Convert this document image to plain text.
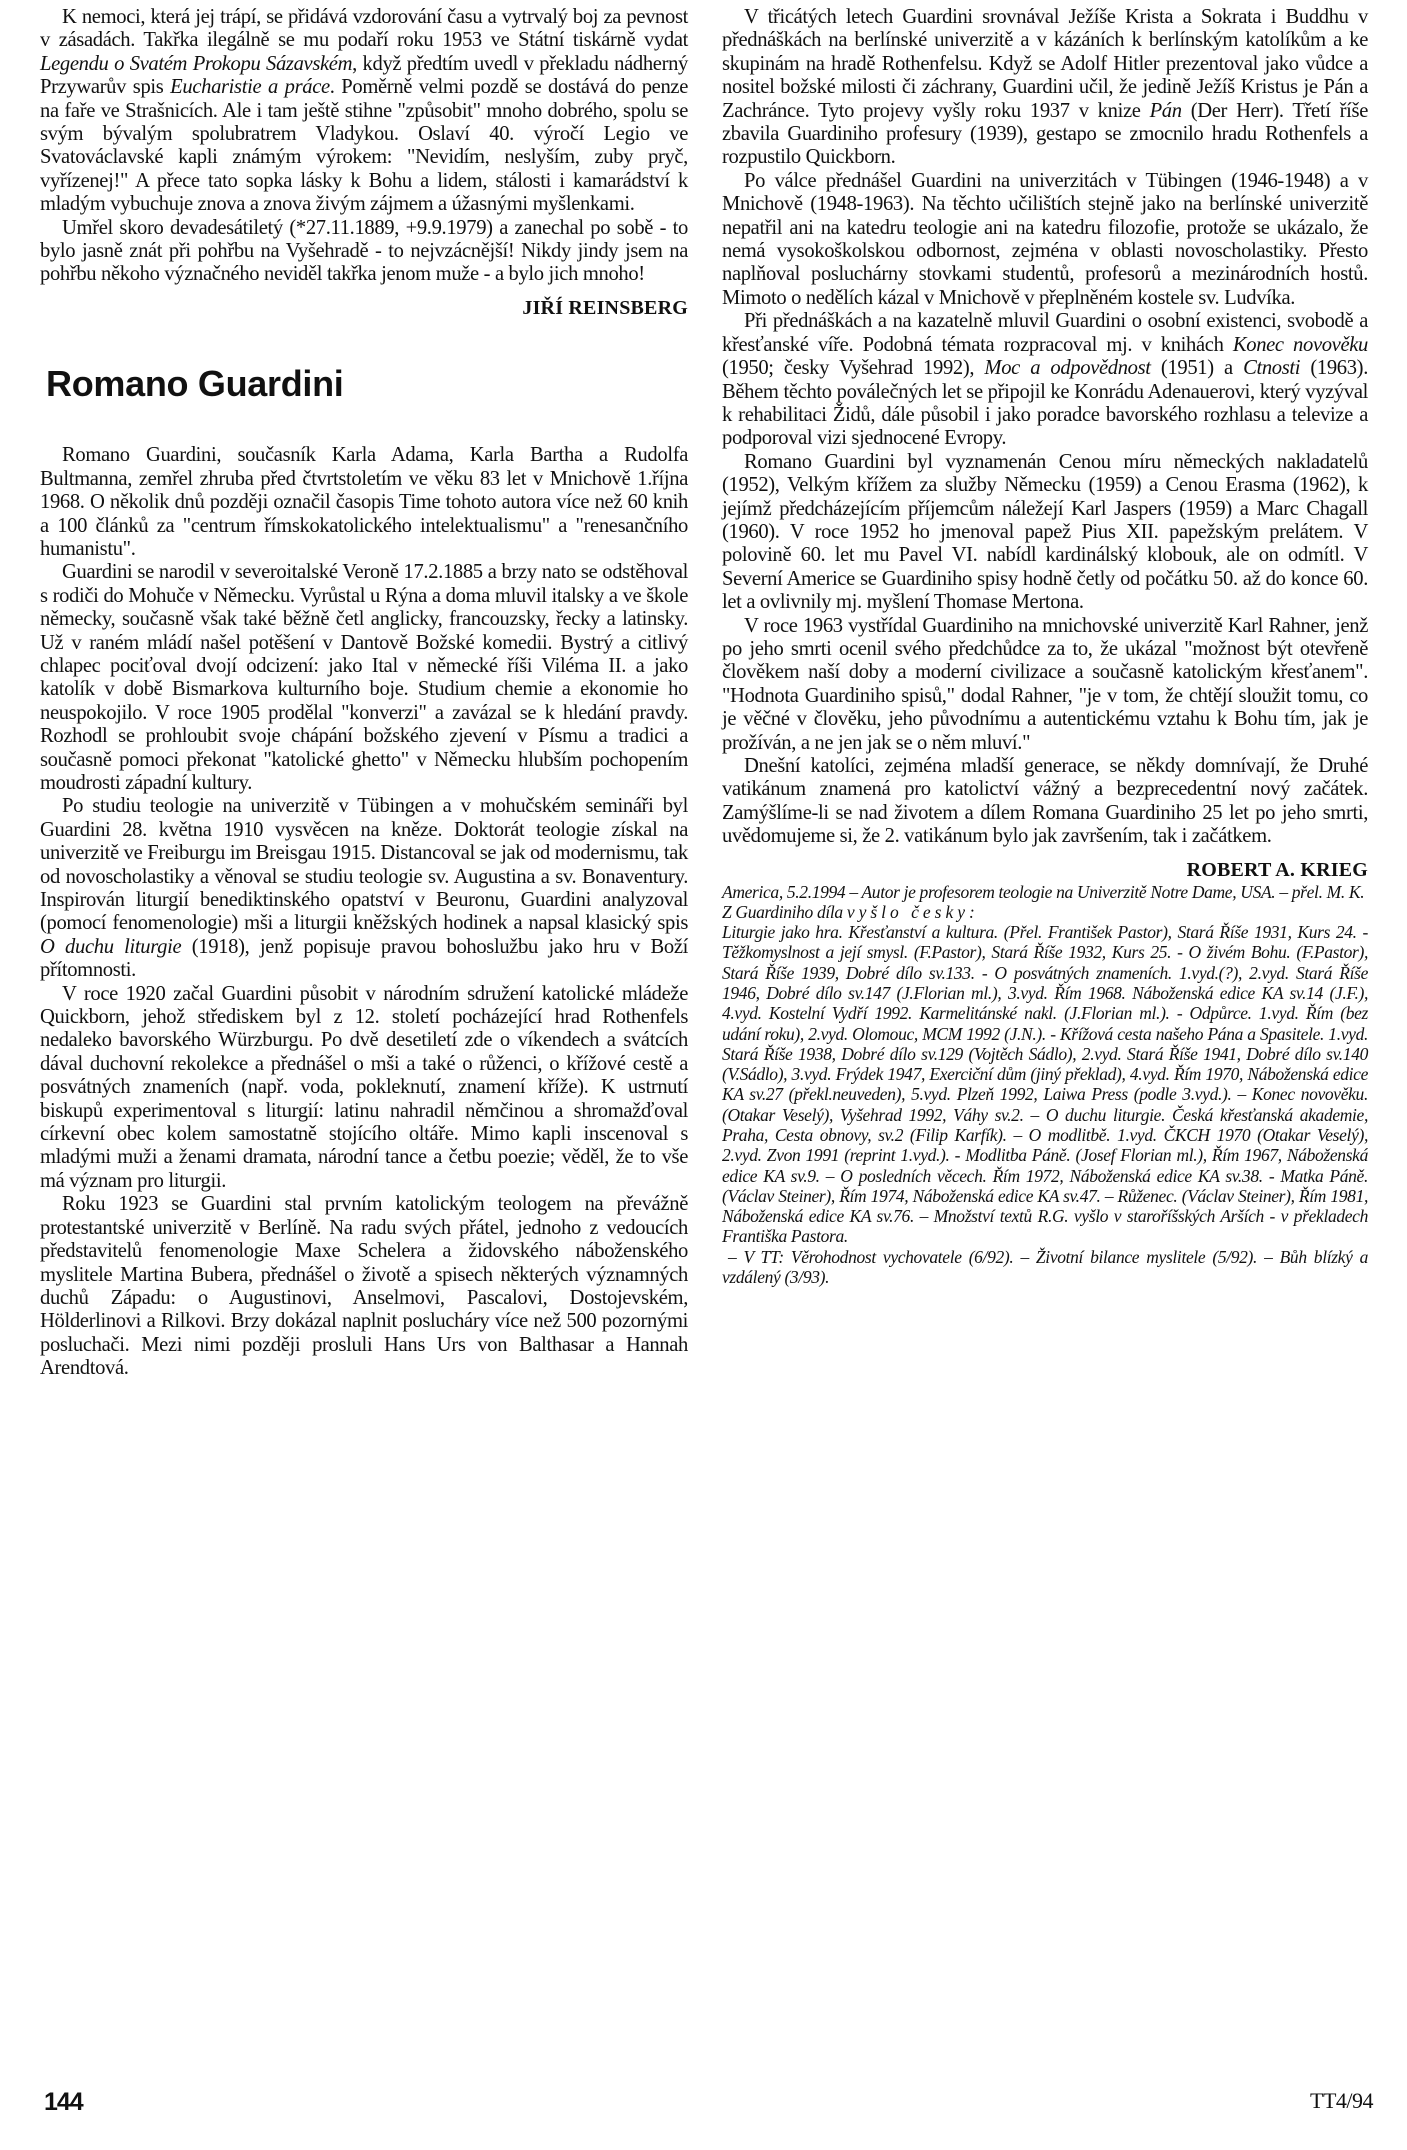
K nemoci, která jej trápí, se přidává vzdorování času a vytrvalý boj za pevnost v zásadách. Takřka ilegálně se mu podaří roku 1953 ve Státní tiskárně vydat Legendu o Svatém Prokopu Sázavském, když předtím uvedl v překladu nádherný Przywarův spis Eucharistie a práce. Poměrně velmi pozdě se dostává do penze na faře ve Strašnicích. Ale i tam ještě stihne "způsobit" mnoho dobrého, spolu se svým bývalým spolubratrem Vladykou. Oslaví 40. výročí Legio ve Svatováclavské kapli známým výrokem: "Nevidím, neslyším, zuby pryč, vyřízenej!" A přece tato sopka lásky k Bohu a lidem, stálosti i kamarádství k mladým vybuchuje znova a znova živým zájmem a úžasnými myšlenkami.

Umřel skoro devadesátiletý (*27.11.1889, +9.9.1979) a zanechal po sobě - to bylo jasně znát při pohřbu na Vyšehradě - to nejvzácnější! Nikdy jindy jsem na pohřbu někoho význačného neviděl takřka jenom muže - a bylo jich mnoho!

JIŘÍ REINSBERG
Romano Guardini

Romano Guardini, současník Karla Adama, Karla Bartha a Rudolfa Bultmanna, zemřel zhruba před čtvrtstoletím ve věku 83 let v Mnichově 1.října 1968. O několik dnů později označil časopis Time tohoto autora více než 60 knih a 100 článků za "centrum římskokatolického intelektualismu" a "renesančního humanistu".

Guardini se narodil v severoitalské Veroně 17.2.1885 a brzy nato se odstěhoval s rodiči do Mohuče v Německu. Vyrůstal u Rýna a doma mluvil italsky a ve škole německy, současně však také běžně četl anglicky, francouzsky, řecky a latinsky. Už v raném mládí našel potěšení v Dantově Božské komedii. Bystrý a citlivý chlapec pociťoval dvojí odcizení: jako Ital v německé říši Viléma II. a jako katolík v době Bismarkova kulturního boje. Studium chemie a ekonomie ho neuspokojilo. V roce 1905 prodělal "konverzi" a zavázal se k hledání pravdy. Rozhodl se prohloubit svoje chápání božského zjevení v Písmu a tradici a současně pomoci překonat "katolické ghetto" v Německu hlubším pochopením moudrosti západní kultury.

Po studiu teologie na univerzitě v Tübingen a v mohučském semináři byl Guardini 28. května 1910 vysvěcen na kněze. Doktorát teologie získal na univerzitě ve Freiburgu im Breisgau 1915. Distancoval se jak od modernismu, tak od novoscholastiky a věnoval se studiu teologie sv. Augustina a sv. Bonaventury. Inspirován liturgií benediktinského opatství v Beuronu, Guardini analyzoval (pomocí fenomenologie) mši a liturgii kněžských hodinek a napsal klasický spis O duchu liturgie (1918), jenž popisuje pravou bohoslužbu jako hru v Boží přítomnosti.

V roce 1920 začal Guardini působit v národním sdružení katolické mládeže Quickborn, jehož střediskem byl z 12. století pocházející hrad Rothenfels nedaleko bavorského Würzburgu. Po dvě desetiletí zde o víkendech a svátcích dával duchovní rekolekce a přednášel o mši a také o růženci, o křížové cestě a posvátných znameních (např. voda, pokleknutí, znamení kříže). K ustrnutí biskupů experimentoval s liturgií: latinu nahradil němčinou a shromažďoval církevní obec kolem samostatně stojícího oltáře. Mimo kapli inscenoval s mladými muži a ženami dramata, národní tance a četbu poezie; věděl, že to vše má význam pro liturgii.

Roku 1923 se Guardini stal prvním katolickým teologem na převážně protestantské univerzitě v Berlíně. Na radu svých přátel, jednoho z vedoucích představitelů fenomenologie Maxe Schelera a židovského náboženského myslitele Martina Bubera, přednášel o životě a spisech některých významných duchů Západu: o Augustinovi, Anselmovi, Pascalovi, Dostojevském, Hölderlinovi a Rilkovi. Brzy dokázal naplnit poslucháry více než 500 pozornými posluchači. Mezi nimi později prosluli Hans Urs von Balthasar a Hannah Arendtová.

V třicátých letech Guardini srovnával Ježíše Krista a Sokrata i Buddhu v přednáškách na berlínské univerzitě a v kázáních k berlínským katolíkům a ke skupinám na hradě Rothenfelsu. Když se Adolf Hitler prezentoval jako vůdce a nositel božské milosti či záchrany, Guardini učil, že jedině Ježíš Kristus je Pán a Zachránce. Tyto projevy vyšly roku 1937 v knize Pán (Der Herr). Třetí říše zbavila Guardiniho profesury (1939), gestapo se zmocnilo hradu Rothenfels a rozpustilo Quickborn.

Po válce přednášel Guardini na univerzitách v Tübingen (1946-1948) a v Mnichově (1948-1963). Na těchto učilištích stejně jako na berlínské univerzitě nepatřil ani na katedru teologie ani na katedru filozofie, protože se ukázalo, že nemá vysokoškolskou odbornost, zejména v oblasti novoscholastiky. Přesto naplňoval posluchárny stovkami studentů, profesorů a mezinárodních hostů. Mimoto o nedělích kázal v Mnichově v přeplněném kostele sv. Ludvíka.

Při přednáškách a na kazatelně mluvil Guardini o osobní existenci, svobodě a křesťanské víře. Podobná témata rozpracoval mj. v knihách Konec novověku (1950; česky Vyšehrad 1992), Moc a odpovědnost (1951) a Ctnosti (1963). Během těchto poválečných let se připojil ke Konrádu Adenauerovi, který vyzýval k rehabilitaci Židů, dále působil i jako poradce bavorského rozhlasu a televize a podporoval vizi sjednocené Evropy.

Romano Guardini byl vyznamenán Cenou míru německých nakladatelů (1952), Velkým křížem za služby Německu (1959) a Cenou Erasma (1962), k jejímž předcházejícím příjemcům náležejí Karl Jaspers (1959) a Marc Chagall (1960). V roce 1952 ho jmenoval papež Pius XII. papežským prelátem. V polovině 60. let mu Pavel VI. nabídl kardinálský klobouk, ale on odmítl. V Severní Americe se Guardiniho spisy hodně četly od počátku 50. až do konce 60. let a ovlivnily mj. myšlení Thomase Mertona.

V roce 1963 vystřídal Guardiniho na mnichovské univerzitě Karl Rahner, jenž po jeho smrti ocenil svého předchůdce za to, že ukázal "možnost být otevřeně člověkem naší doby a moderní civilizace a současně katolickým křesťanem". "Hodnota Guardiniho spisů," dodal Rahner, "je v tom, že chtějí sloužit tomu, co je věčné v člověku, jeho původnímu a autentickému vztahu k Bohu tím, jak je prožíván, a ne jen jak se o něm mluví."

Dnešní katolíci, zejména mladší generace, se někdy domnívají, že Druhé vatikánum znamená pro katolictví vážný a bezprecedentní nový začátek. Zamýšlíme-li se nad životem a dílem Romana Guardiniho 25 let po jeho smrti, uvědomujeme si, že 2. vatikánum bylo jak završením, tak i začátkem.

ROBERT A. KRIEG

America, 5.2.1994 – Autor je profesorem teologie na Univerzitě Notre Dame, USA. – přel. M. K.

Z Guardiniho díla vyšlo česky:

Liturgie jako hra. Křesťanství a kultura. (Přel. František Pastor), Stará Říše 1931, Kurs 24. - Těžkomyslnost a její smysl. (F.Pastor), Stará Říše 1932, Kurs 25. - O živém Bohu. (F.Pastor), Stará Říše 1939, Dobré dílo sv.133. - O posvátných znameních. 1.vyd.(?), 2.vyd. Stará Říše 1946, Dobré dílo sv.147 (J.Florian ml.), 3.vyd. Řím 1968. Náboženská edice KA sv.14 (J.F.), 4.vyd. Kostelní Vydří 1992. Karmelitánské nakl. (J.Florian ml.). - Odpůrce. 1.vyd. Řím (bez udání roku), 2.vyd. Olomouc, MCM 1992 (J.N.). - Křížová cesta našeho Pána a Spasitele. 1.vyd. Stará Říše 1938, Dobré dílo sv.129 (Vojtěch Sádlo), 2.vyd. Stará Říše 1941, Dobré dílo sv.140 (V.Sádlo), 3.vyd. Frýdek 1947, Exerciční dům (jiný překlad), 4.vyd. Řím 1970, Náboženská edice KA sv.27 (překl.neuveden), 5.vyd. Plzeň 1992, Laiwa Press (podle 3.vyd.). – Konec novověku. (Otakar Veselý), Vyšehrad 1992, Váhy sv.2. – O duchu liturgie. Česká křesťanská akademie, Praha, Cesta obnovy, sv.2 (Filip Karfík). – O modlitbě. 1.vyd. ČKCH 1970 (Otakar Veselý), 2.vyd. Zvon 1991 (reprint 1.vyd.). - Modlitba Páně. (Josef Florian ml.), Řím 1967, Náboženská edice KA sv.9. – O posledních věcech. Řím 1972, Náboženská edice KA sv.38. - Matka Páně. (Václav Steiner), Řím 1974, Náboženská edice KA sv.47. – Růženec. (Václav Steiner), Řím 1981, Náboženská edice KA sv.76. – Množství textů R.G. vyšlo v staroříšských Arších - v překladech Františka Pastora.

– V TT: Věrohodnost vychovatele (6/92). – Životní bilance myslitele (5/92). – Bůh blízký a vzdálený (3/93).

144	TT4/94
